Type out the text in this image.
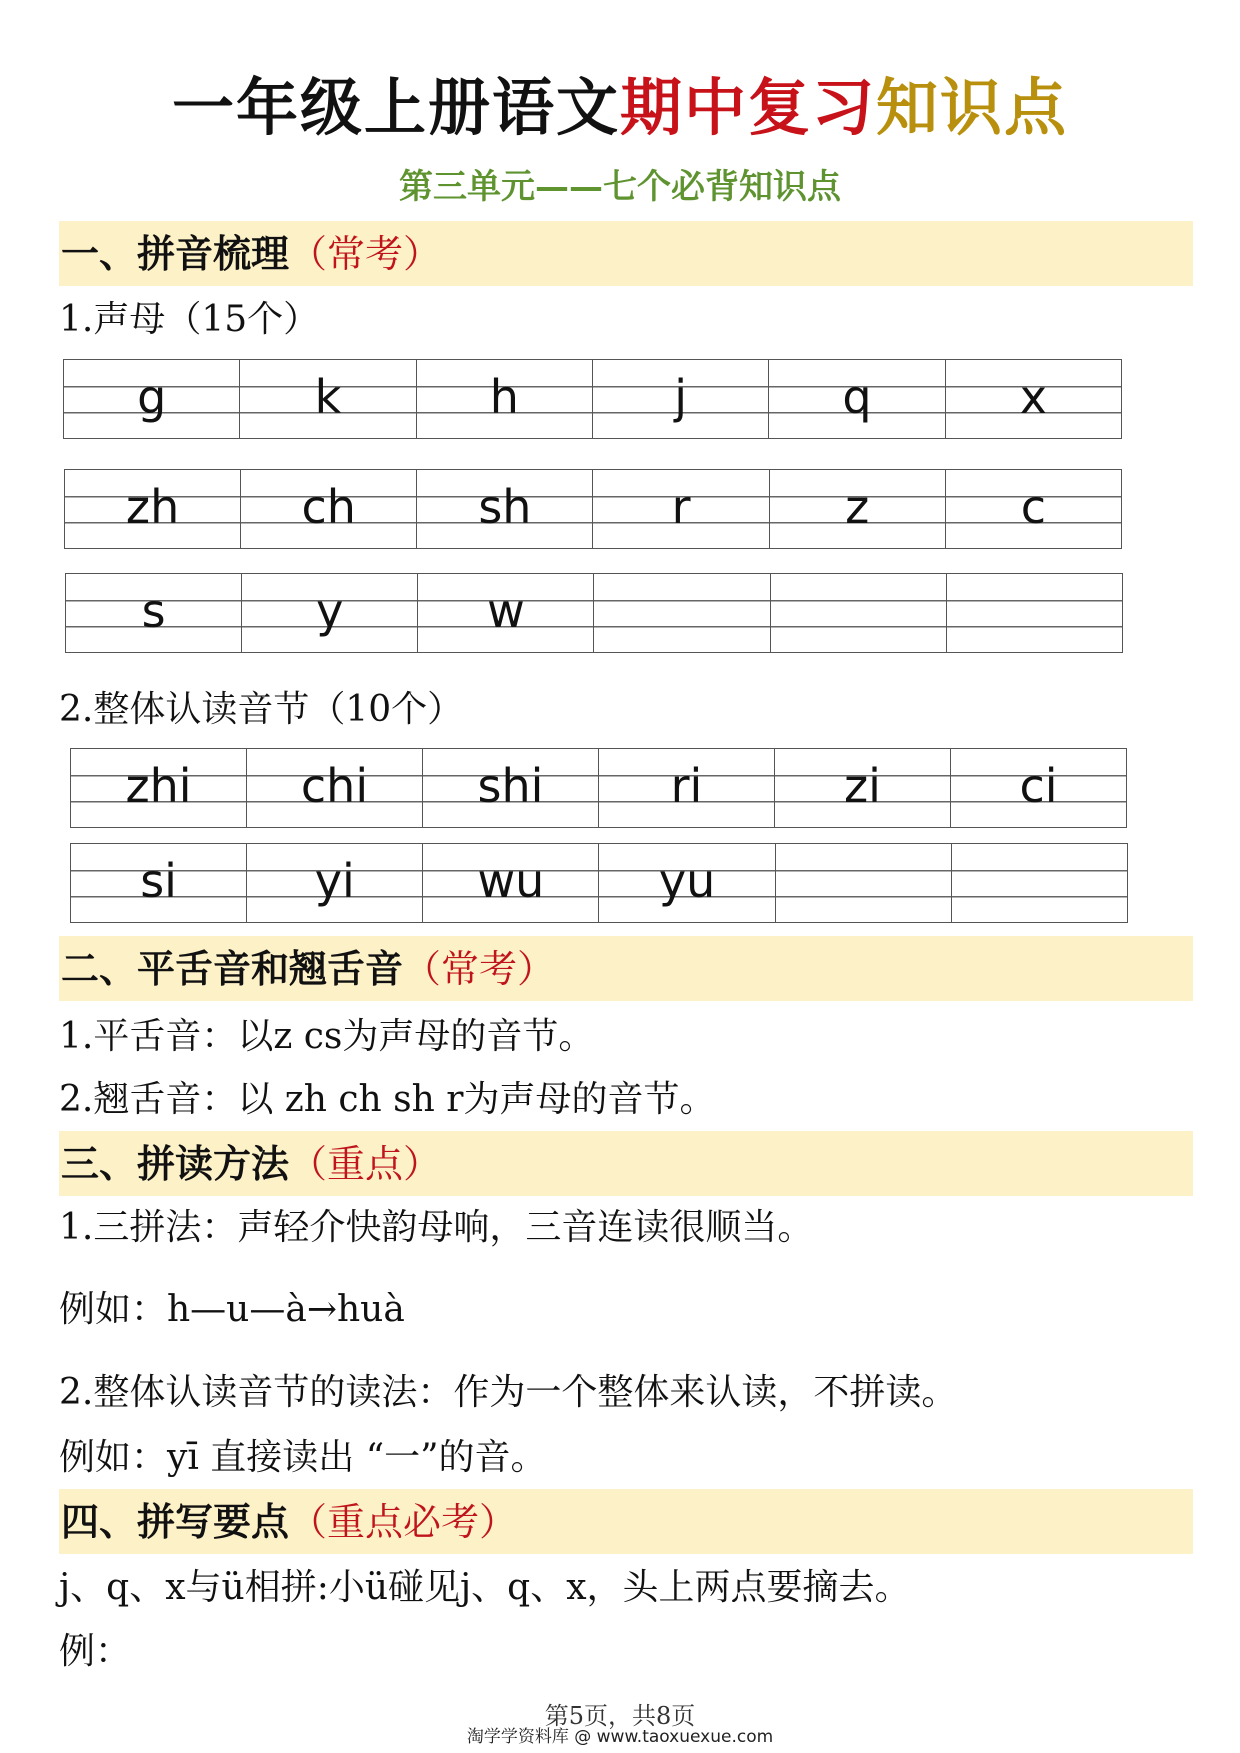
一年级上册语文期中复习知识点
第三单元——七个必背知识点
一、拼音梳理（常考）
1.声母（15个）
g	k	h	j	q	x
zh	ch	sh	r	z	c
s	y	w

2.整体认读音节（10个）
zhi	chi	shi	ri	zi	ci
si	yi	wu	yu

二、平舌音和翘舌音（常考）
1.平舌音：以z cs为声母的音节。
2.翘舌音：以 zh ch sh r为声母的音节。
三、拼读方法（重点）
1.三拼法：声轻介快韵母响，三音连读很顺当。
例如：h—u—à→huà
2.整体认读音节的读法：作为一个整体来认读，不拼读。
例如：yī 直接读出 “一”的音。
四、拼写要点（重点必考）
j、q、x与ü相拼:小ü碰见j、q、x，头上两点要摘去。
例：
第5页，共8页
淘学学资料库 @ www.taoxuexue.com
